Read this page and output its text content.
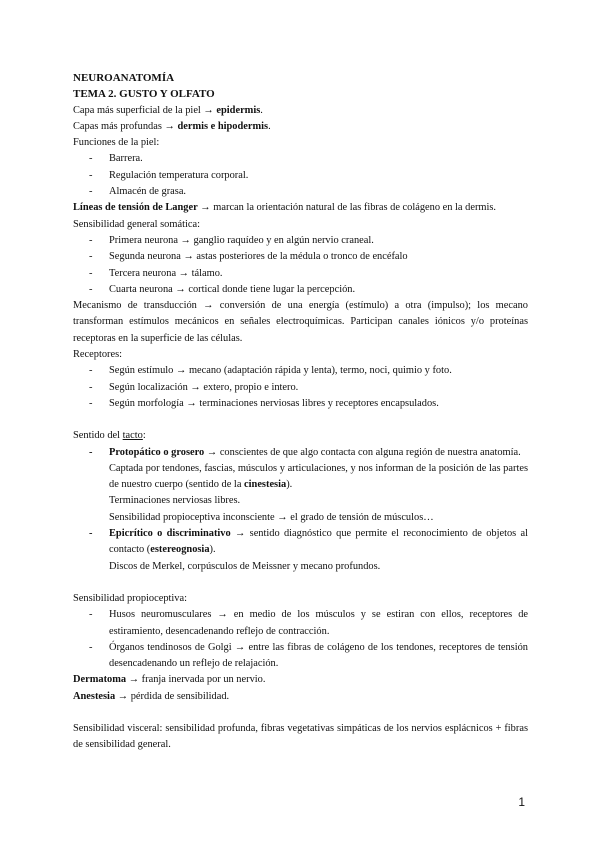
NEUROANATOMÍA

TEMA 2. GUSTO Y OLFATO

Capa más superficial de la piel → epidermis.

Capas más profundas → dermis e hipodermis.

Funciones de la piel:

- Barrera.
- Regulación temperatura corporal.
- Almacén de grasa.

Líneas de tensión de Langer → marcan la orientación natural de las fibras de colágeno en la dermis.

Sensibilidad general somática:

- Primera neurona → ganglio raquídeo y en algún nervio craneal.
- Segunda neurona → astas posteriores de la médula o tronco de encéfalo
- Tercera neurona → tálamo.
- Cuarta neurona → cortical donde tiene lugar la percepción.

Mecanismo de transducción → conversión de una energía (estímulo) a otra (impulso); los mecano transforman estímulos mecánicos en señales electroquímicas. Participan canales iónicos y/o proteínas receptoras en la superficie de las células.

Receptores:

- Según estímulo → mecano (adaptación rápida y lenta), termo, noci, quimio y foto.
- Según localización → extero, propio e intero.
- Según morfología → terminaciones nerviosas libres y receptores encapsulados.

Sentido del tacto:

- Protopático o grosero → conscientes de que algo contacta con alguna región de nuestra anatomía.

Captada por tendones, fascias, músculos y articulaciones, y nos informan de la posición de las partes de nuestro cuerpo (sentido de la cinestesia).

Terminaciones nerviosas libres.

Sensibilidad propioceptiva inconsciente → el grado de tensión de músculos…

- Epicrítico o discriminativo → sentido diagnóstico que permite el reconocimiento de objetos al contacto (estereognosia).

Discos de Merkel, corpúsculos de Meissner y mecano profundos.

Sensibilidad propioceptiva:

- Husos neuromusculares → en medio de los músculos y se estiran con ellos, receptores de estiramiento, desencadenando reflejo de contracción.
- Órganos tendinosos de Golgi → entre las fibras de colágeno de los tendones, receptores de tensión desencadenando un reflejo de relajación.

Dermatoma → franja inervada por un nervio.

Anestesia → pérdida de sensibilidad.

Sensibilidad visceral: sensibilidad profunda, fibras vegetativas simpáticas de los nervios esplácnicos + fibras de sensibilidad general.

1
